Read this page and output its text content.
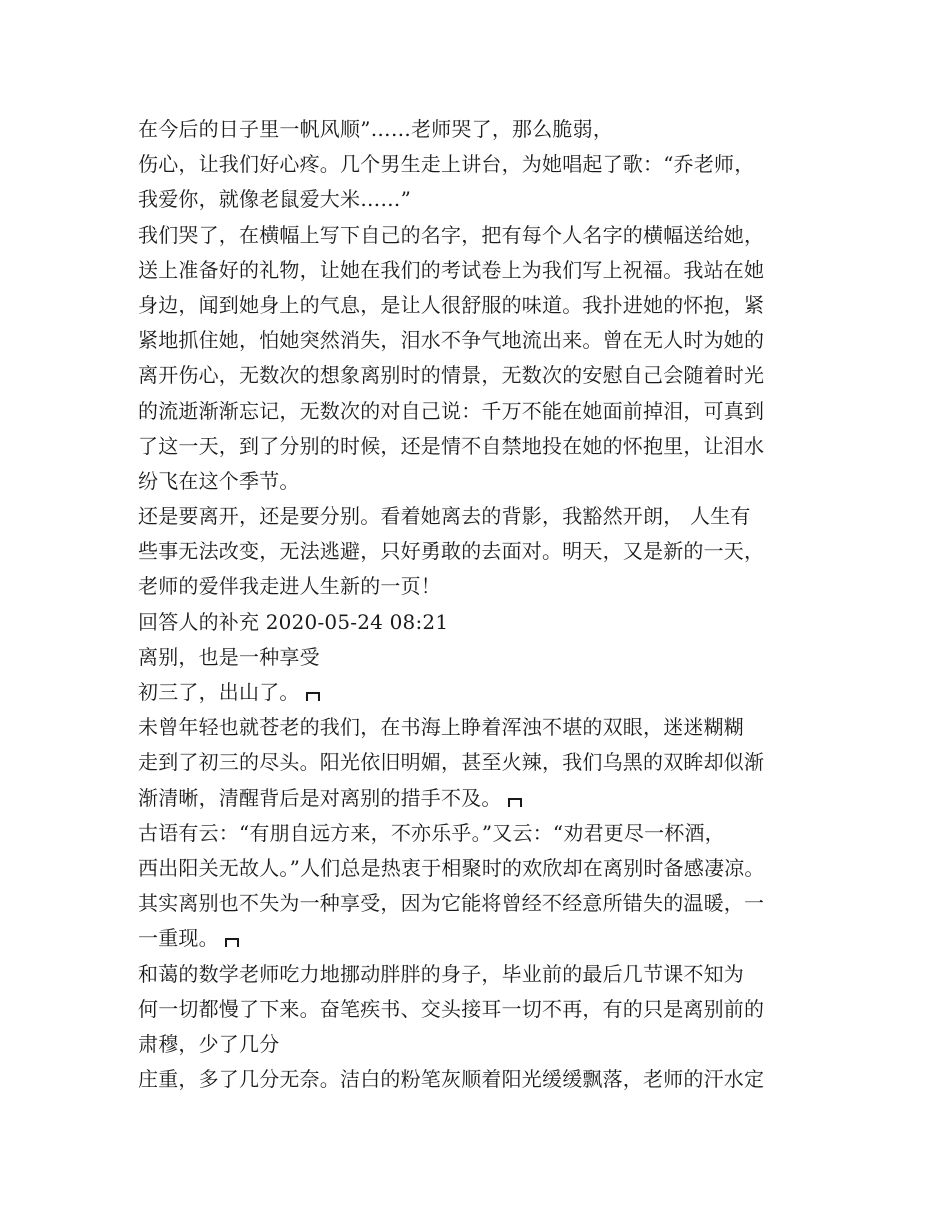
在今后的日子里一帆风顺”……老师哭了，那么脆弱，
伤心，让我们好心疼。几个男生走上讲台，为她唱起了歌：“乔老师，
我爱你，就像老鼠爱大米……”
我们哭了，在横幅上写下自己的名字，把有每个人名字的横幅送给她，
送上准备好的礼物，让她在我们的考试卷上为我们写上祝福。我站在她
身边，闻到她身上的气息，是让人很舒服的味道。我扑进她的怀抱，紧
紧地抓住她，怕她突然消失，泪水不争气地流出来。曾在无人时为她的
离开伤心，无数次的想象离别时的情景，无数次的安慰自己会随着时光
的流逝渐渐忘记，无数次的对自己说：千万不能在她面前掉泪，可真到
了这一天，到了分别的时候，还是情不自禁地投在她的怀抱里，让泪水
纷飞在这个季节。
还是要离开，还是要分别。看着她离去的背影，我豁然开朗， 人生有
些事无法改变，无法逃避，只好勇敢的去面对。明天，又是新的一天，
老师的爱伴我走进人生新的一页！
回答人的补充 2020-05-24 08:21
离别，也是一种享受
初三了，出山了。
未曾年轻也就苍老的我们，在书海上睁着浑浊不堪的双眼，迷迷糊糊
走到了初三的尽头。阳光依旧明媚，甚至火辣，我们乌黑的双眸却似渐
渐清晰，清醒背后是对离别的措手不及。
古语有云：“有朋自远方来，不亦乐乎。”又云：“劝君更尽一杯酒，
西出阳关无故人。”人们总是热衷于相聚时的欢欣却在离别时备感凄凉。
其实离别也不失为一种享受，因为它能将曾经不经意所错失的温暖，一
一重现。
和蔼的数学老师吃力地挪动胖胖的身子，毕业前的最后几节课不知为
何一切都慢了下来。奋笔疾书、交头接耳一切不再，有的只是离别前的
肃穆，少了几分
庄重，多了几分无奈。洁白的粉笔灰顺着阳光缓缓飘落，老师的汗水定
